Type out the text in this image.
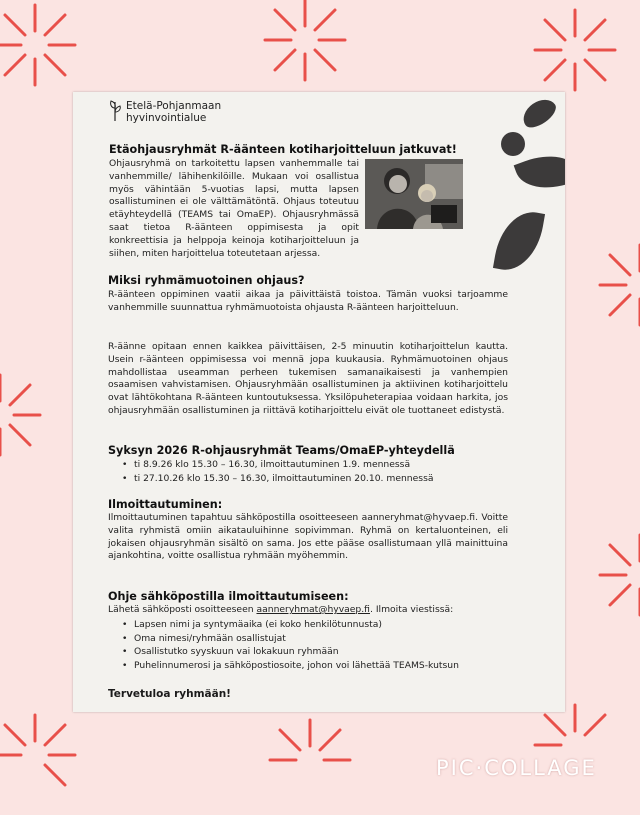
Etelä-Pohjanmaan
hyvinvointialue
Etäohjausryhmät R-äänteen kotiharjoitteluun jatkuvat!

Ohjausryhmä on tarkoitettu lapsen vanhemmalle tai vanhemmille/ lähihenkilöille. Mukaan voi osallistua myös vähintään 5-vuotias lapsi, mutta lapsen osallistuminen ei ole välttämätöntä. Ohjaus toteutuu etäyhteydellä (TEAMS tai OmaEP). Ohjausryhmässä saat tietoa R-äänteen oppimisesta ja opit konkreettisia ja helppoja keinoja kotiharjoitteluun ja siihen, miten harjoittelua toteutetaan arjessa.

Miksi ryhmämuotoinen ohjaus?

R-äänteen oppiminen vaatii aikaa ja päivittäistä toistoa. Tämän vuoksi tarjoamme vanhemmille suunnattua ryhmämuotoista ohjausta R-äänteen harjoitteluun.

R-äänne opitaan ennen kaikkea päivittäisen, 2-5 minuutin kotiharjoittelun kautta. Usein r-äänteen oppimisessa voi mennä jopa kuukausia. Ryhmämuotoinen ohjaus mahdollistaa useamman perheen tukemisen samanaikaisesti ja vanhempien osaamisen vahvistamisen. Ohjausryhmään osallistuminen ja aktiivinen kotiharjoittelu ovat lähtökohtana R-äänteen kuntoutuksessa. Yksilöpuheterapiaa voidaan harkita, jos ohjausryhmään osallistuminen ja riittävä kotiharjoittelu eivät ole tuottaneet edistystä.

Syksyn 2026 R-ohjausryhmät Teams/OmaEP-yhteydellä
• ti 8.9.26 klo 15.30 – 16.30, ilmoittautuminen 1.9. mennessä
• ti 27.10.26 klo 15.30 – 16.30, ilmoittautuminen 20.10. mennessä
Ilmoittautuminen:

Ilmoittautuminen tapahtuu sähköpostilla osoitteeseen aanneryhmat@hyvaep.fi. Voitte valita ryhmistä omiin aikatauluihinne sopivimman. Ryhmä on kertaluonteinen, eli jokaisen ohjausryhmän sisältö on sama. Jos ette pääse osallistumaan yllä mainittuina ajankohtina, voitte osallistua ryhmään myöhemmin.

Ohje sähköpostilla ilmoittautumiseen:

Lähetä sähköposti osoitteeseen aanneryhmat@hyvaep.fi. Ilmoita viestissä:

• Lapsen nimi ja syntymäaika (ei koko henkilötunnusta)
• Oma nimesi/ryhmään osallistujat
• Osallistutko syyskuun vai lokakuun ryhmään
• Puhelinnumerosi ja sähköpostiosoite, johon voi lähettää TEAMS-kutsun

Tervetuloa ryhmään!

PIC·COLLAGE
